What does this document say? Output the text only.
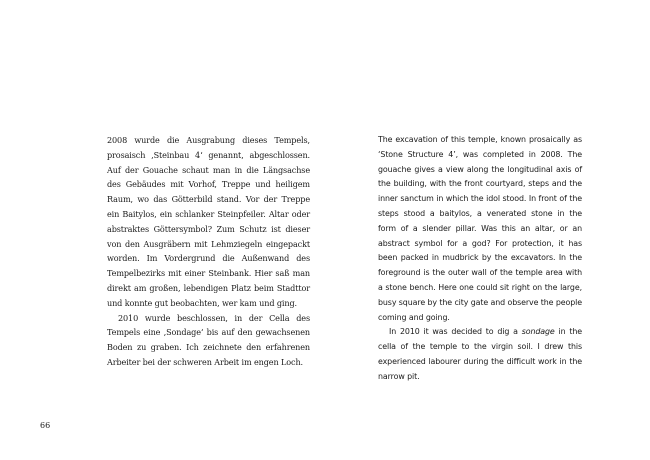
2008 wurde die Ausgrabung dieses Tempels, prosaisch ‚Steinbau 4‘ genannt, abgeschlossen. Auf der Gouache schaut man in die Längsachse des Gebäudes mit Vorhof, Treppe und heiligem Raum, wo das Götterbild stand. Vor der Treppe ein Baitylos, ein schlanker Steinpfeiler. Altar oder abstraktes Göttersymbol? Zum Schutz ist dieser von den Ausgräbern mit Lehmziegeln eingepackt worden. Im Vordergrund die Außenwand des Tempelbezirks mit einer Steinbank. Hier saß man direkt am großen, lebendigen Platz beim Stadttor und konnte gut beobachten, wer kam und ging.

2010 wurde beschlossen, in der Cella des Tempels eine ‚Sondage‘ bis auf den gewachsenen Boden zu graben. Ich zeichnete den erfahrenen Arbeiter bei der schweren Arbeit im engen Loch.

The excavation of this temple, known prosaically as ‘Stone Structure 4’, was completed in 2008. The gouache gives a view along the longitudinal axis of the building, with the front courtyard, steps and the inner sanctum in which the idol stood. In front of the steps stood a baitylos, a venerated stone in the form of a slender pillar. Was this an altar, or an abstract symbol for a god? For protection, it has been packed in mudbrick by the excavators. In the foreground is the outer wall of the temple area with a stone bench. Here one could sit right on the large, busy square by the city gate and observe the people coming and going.

In 2010 it was decided to dig a sondage in the cella of the temple to the virgin soil. I drew this experienced labourer during the difficult work in the narrow pit.

66
